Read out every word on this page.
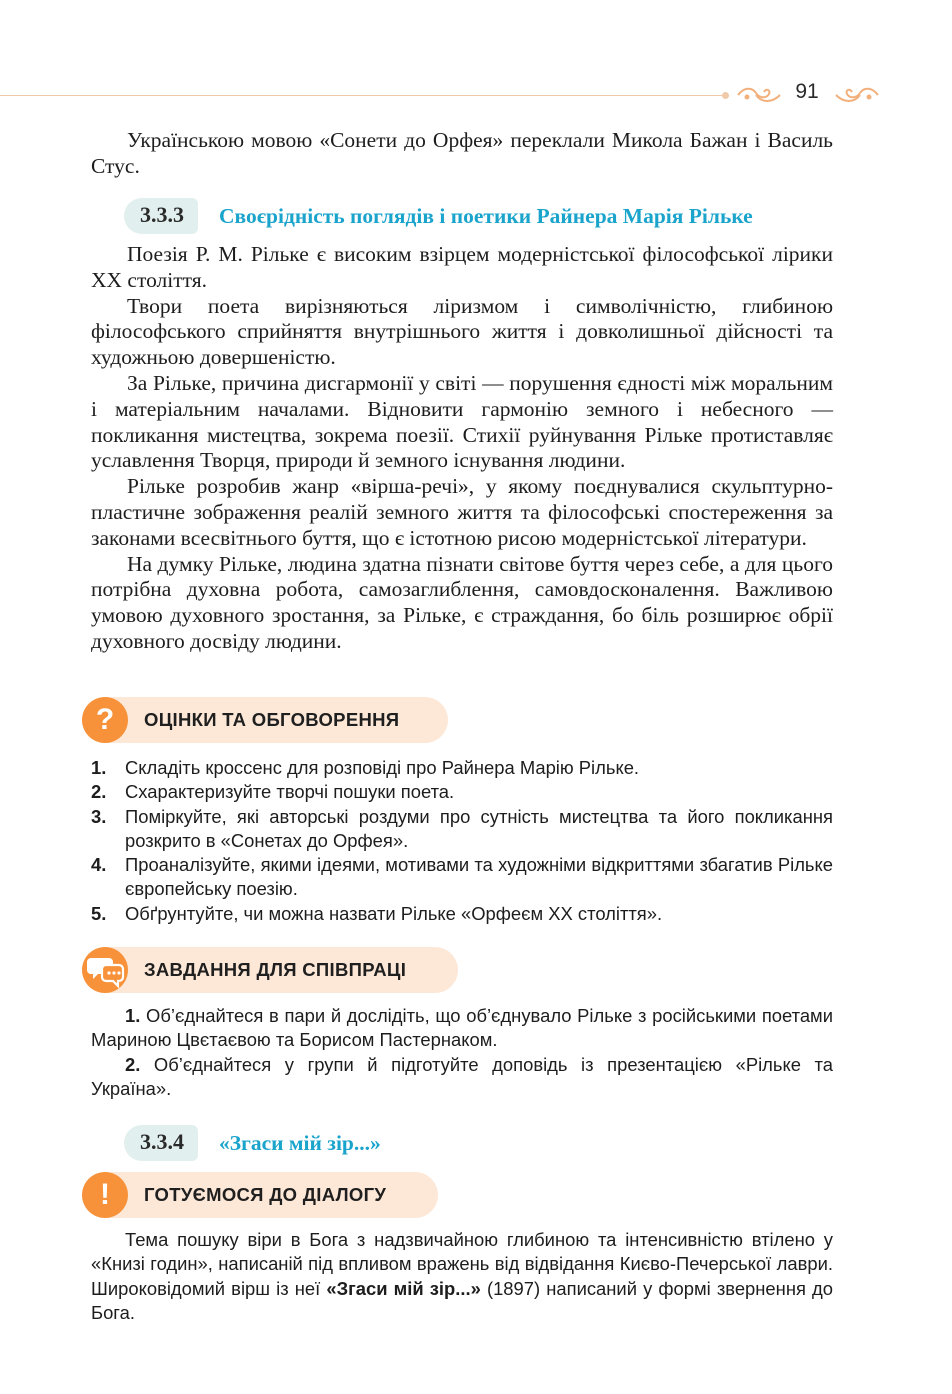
91

Українською мовою «Сонети до Орфея» переклали Микола Бажан і Василь Стус.

3.3.3	Своєрідність поглядів і поетики Райнера Марія Рільке

Поезія Р. М. Рільке є високим взірцем модерністської філософської лірики XX століття.

Твори поета вирізняються ліризмом і символічністю, глибиною філософського сприйняття внутрішнього життя і довколишньої дійсності та художньою довершеністю.

За Рільке, причина дисгармонії у світі — порушення єдності між моральним і матеріальним началами. Відновити гармонію земного і небесного — покликання мистецтва, зокрема поезії. Стихії руйнування Рільке протиставляє уславлення Творця, природи й земного існування людини.

Рільке розробив жанр «вірша-речі», у якому поєднувалися скульптурно-пластичне зображення реалій земного життя та філософські спостереження за законами всесвітнього буття, що є істотною рисою модерністської літератури.

На думку Рільке, людина здатна пізнати світове буття через себе, а для цього потрібна духовна робота, самозаглиблення, самовдосконалення. Важливою умовою духовного зростання, за Рільке, є страждання, бо біль розширює обрії духовного досвіду людини.

?	ОЦІНКИ ТА ОБГОВОРЕННЯ
1. Складіть кроссенс для розповіді про Райнера Марію Рільке.
2. Схарактеризуйте творчі пошуки поета.
3. Поміркуйте, які авторські роздуми про сутність мистецтва та його покликання розкрито в «Сонетах до Орфея».
4. Проаналізуйте, якими ідеями, мотивами та художніми відкриттями збагатив Рільке європейську поезію.
5. Обґрунтуйте, чи можна назвати Рільке «Орфеєм XX століття».
ЗАВДАННЯ ДЛЯ СПІВПРАЦІ

1. Об’єднайтеся в пари й дослідіть, що об’єднувало Рільке з російськими поетами Мариною Цвєтаєвою та Борисом Пастернаком.

2. Об’єднайтеся у групи й підготуйте доповідь із презентацією «Рільке та Україна».

3.3.4	«Згаси мій зір...»
!	ГОТУЄМОСЯ ДО ДІАЛОГУ

Тема пошуку віри в Бога з надзвичайною глибиною та інтенсивністю втілено у «Книзі годин», написаній під впливом вражень від відвідання Києво-Печерської лаври. Широковідомий вірш із неї «Згаси мій зір...» (1897) написаний у формі звернення до Бога.
